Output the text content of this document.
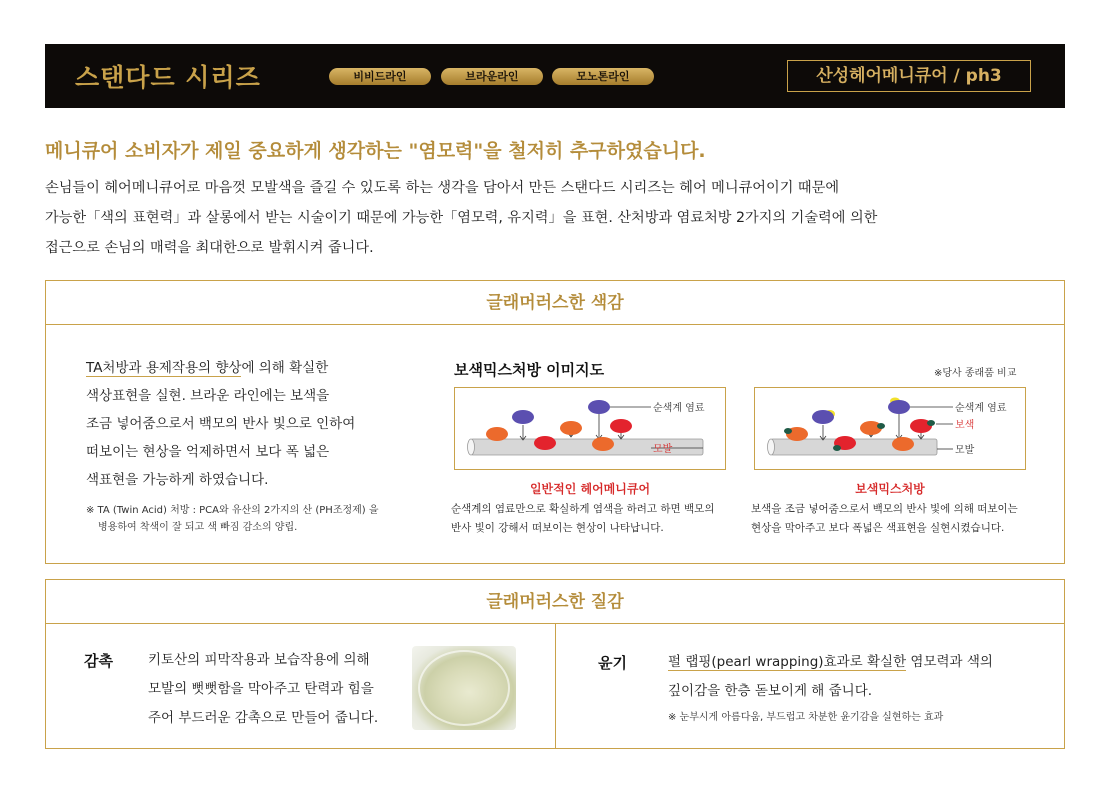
스탠다드 시리즈	비비드라인	브라운라인	모노톤라인	산성헤어메니큐어 / ph3
메니큐어 소비자가 제일 중요하게 생각하는 "염모력"을 철저히 추구하였습니다.

손님들이 헤어메니큐어로 마음껏 모발색을 즐길 수 있도록 하는 생각을 담아서 만든 스탠다드 시리즈는 헤어 메니큐어이기 때문에

가능한「색의 표현력」과 살롱에서 받는 시술이기 때문에 가능한「염모력, 유지력」을 표현. 산처방과 염료처방 2가지의 기술력에 의한

접근으로 손님의 매력을 최대한으로 발휘시켜 줍니다.

글래머러스한 색감

TA처방과 용제작용의 향상에 의해 확실한

색상표현을 실현. 브라운 라인에는 보색을

조금 넣어줌으로서 백모의 반사 빛으로 인하여

떠보이는 현상을 억제하면서 보다 폭 넓은

색표현을 가능하게 하였습니다.

※ TA (Twin Acid) 처방 : PCA와 유산의 2가지의 산 (PH조정제) 을

병용하여 착색이 잘 되고 색 빠짐 감소의 양립.

보색믹스처방 이미지도	※당사 종래품 비교
순색계 염료
모발
일반적인 헤어메니큐어

순색계의 염료만으로 확실하게 염색을 하려고 하면 백모의

반사 빛이 강해서 떠보이는 현상이 나타납니다.

순색계 염료
보색
모발
보색믹스처방

보색을 조금 넣어줌으로서 백모의 반사 빛에 의해 떠보이는

현상을 막아주고 보다 폭넓은 색표현을 실현시켰습니다.

글래머러스한 질감
감촉	키토산의 피막작용과 보습작용에 의해

모발의 뻣뻣함을 막아주고 탄력과 힘을

주어 부드러운 감촉으로 만들어 줍니다.

윤기	펄 랩핑(pearl wrapping)효과로 확실한 염모력과 색의

깊이감을 한층 돋보이게 해 줍니다.

※ 눈부시게 아름다움, 부드럽고 차분한 윤기감을 실현하는 효과
